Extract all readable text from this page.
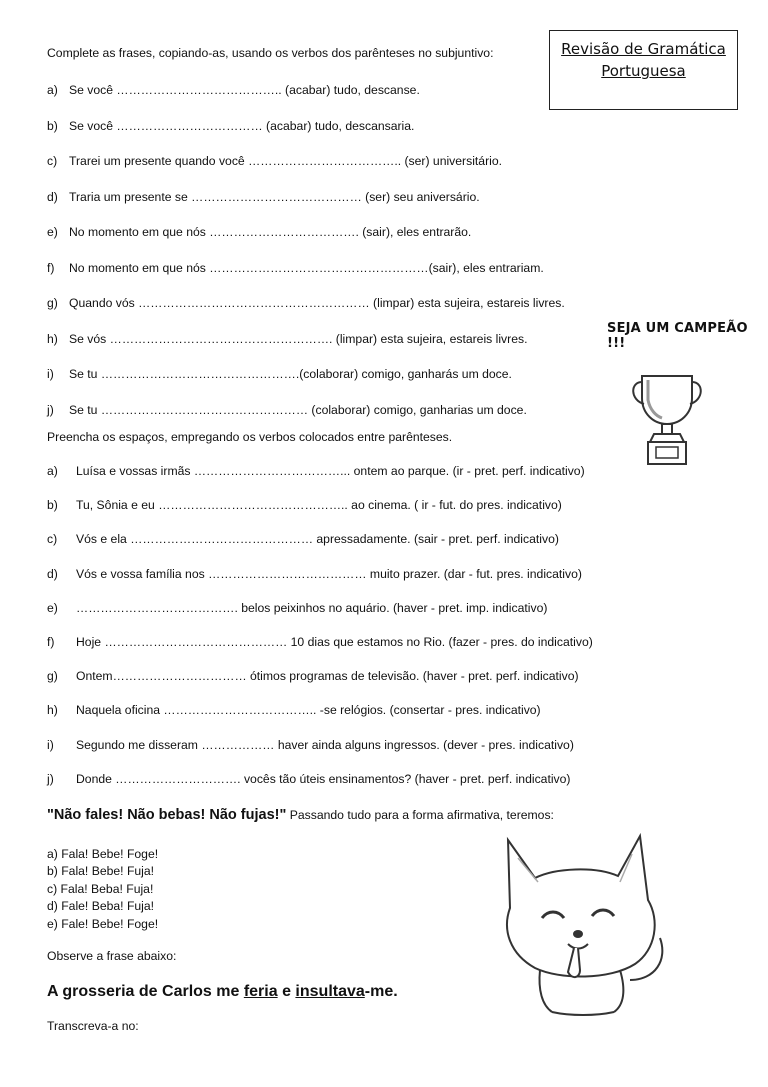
Revisão de Gramática
Portuguesa
Complete as frases, copiando-as, usando os verbos dos parênteses no subjuntivo:
a) Se você ………………………………….. (acabar) tudo, descanse.
b) Se você ……………………………… (acabar) tudo, descansaria.
c) Trarei um presente quando você ……………………………….. (ser) universitário.
d) Traria um presente se …………………………………… (ser) seu aniversário.
e) No momento em que nós ………………………………. (sair), eles entrarão.
f) No momento em que nós ………………………………………………(sair), eles entrariam.
g) Quando vós ………………………………………………… (limpar) esta sujeira, estareis livres.
h) Se vós ………………………………………………. (limpar) esta sujeira, estareis livres.
i) Se tu ………………………………………….(colaborar) comigo, ganharás um doce.
j) Se tu …………………………………………… (colaborar) comigo, ganharias um doce.
SEJA UM CAMPEÃO !!!
Preencha os espaços, empregando os verbos colocados entre parênteses.
a) Luísa e vossas irmãs ………………………………... ontem ao parque. (ir - pret. perf. indicativo)
b) Tu, Sônia e eu ……………………………………….. ao cinema. ( ir - fut. do pres. indicativo)
c) Vós e ela ……………………………………… apressadamente. (sair - pret. perf. indicativo)
d) Vós e vossa família nos ………………………………… muito prazer. (dar - fut. pres. indicativo)
e) …………………………………. belos peixinhos no aquário. (haver - pret. imp. indicativo)
f) Hoje ……………………………………… 10 dias que estamos no Rio. (fazer - pres. do indicativo)
g) Ontem…………………………… ótimos programas de televisão. (haver - pret. perf. indicativo)
h) Naquela oficina ……………………………….. -se relógios. (consertar - pres. indicativo)
i) Segundo me disseram ……………… haver ainda alguns ingressos. (dever - pres. indicativo)
j) Donde …………………………. vocês tão úteis ensinamentos? (haver - pret. perf. indicativo)
"Não fales! Não bebas! Não fujas!" Passando tudo para a forma afirmativa, teremos:
a) Fala! Bebe! Foge!
b) Fala! Bebe! Fuja!
c) Fala! Beba! Fuja!
d) Fale! Beba! Fuja!
e) Fale! Bebe! Foge!
Observe a frase abaixo:
A grosseria de Carlos me feria e insultava-me.
Transcreva-a no:
